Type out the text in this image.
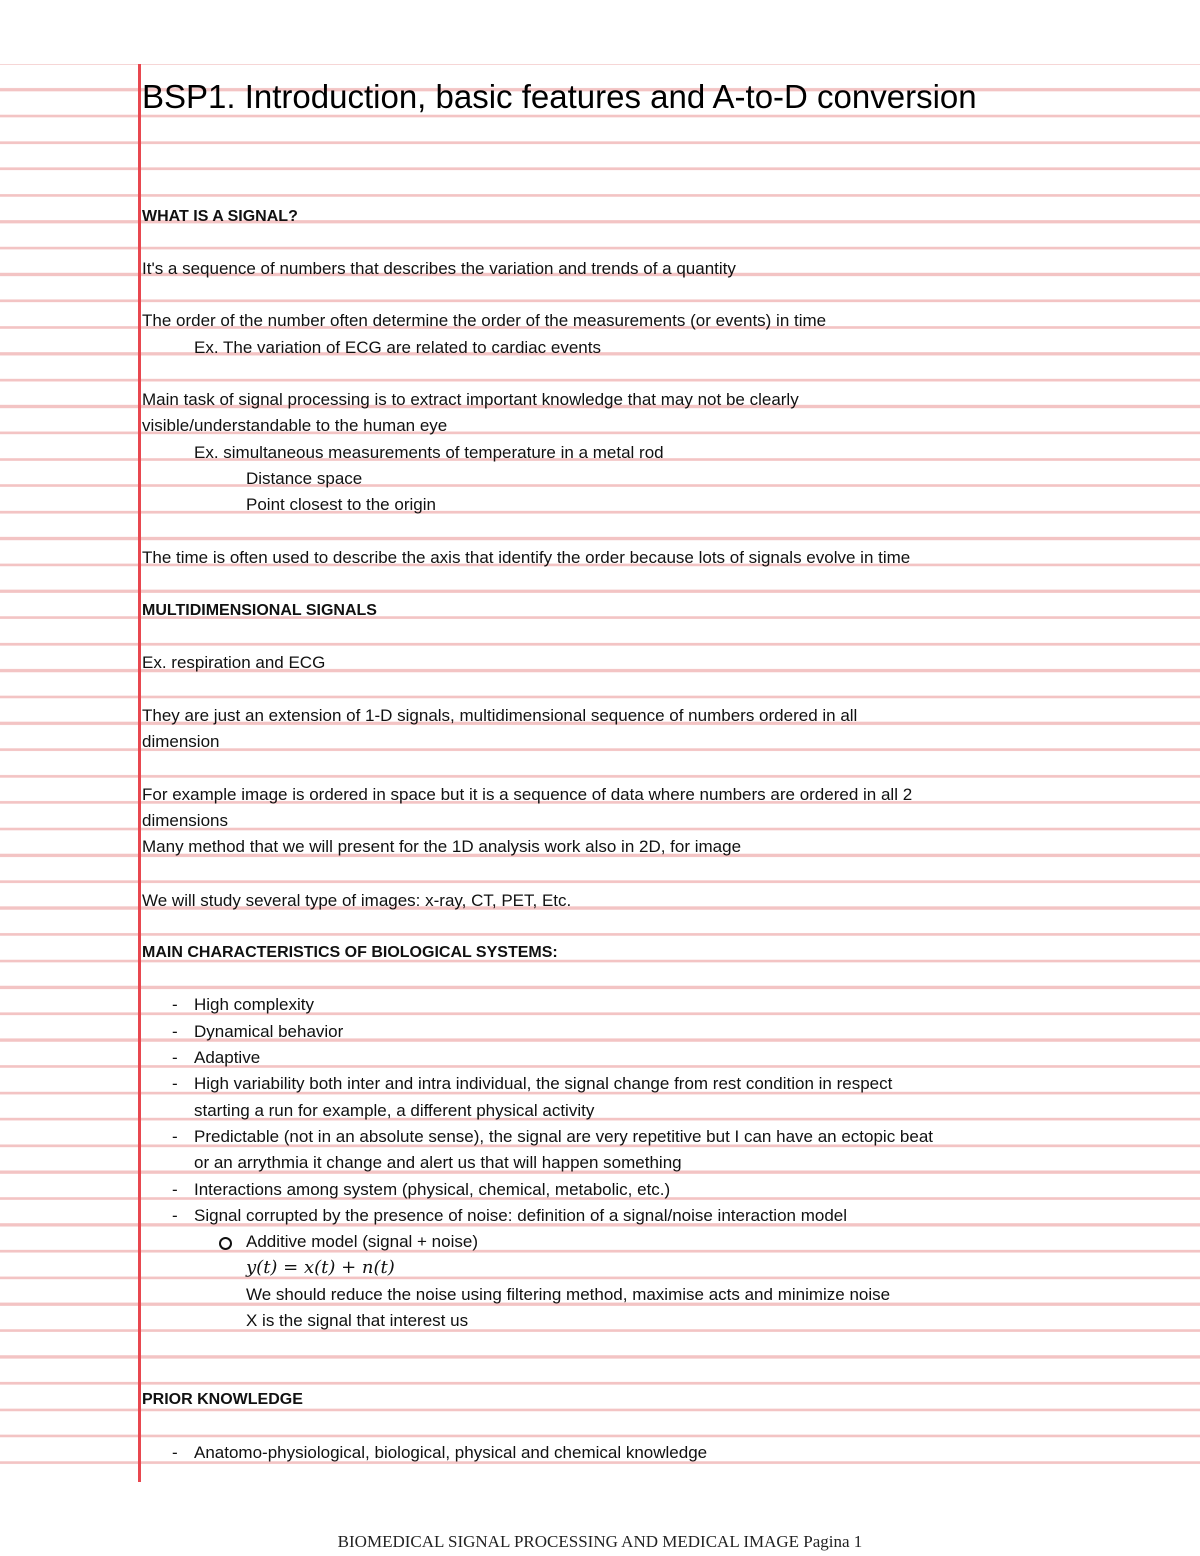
BSP1. Introduction, basic features and A-to-D conversion

WHAT IS A SIGNAL?

It's a sequence of numbers that describes the variation and trends of a quantity

The order of the number often determine the order of the measurements (or events) in time

Ex. The variation of ECG are related to cardiac events

Main task of signal processing is to extract important knowledge that may not be clearly

visible/understandable to the human eye

Ex. simultaneous measurements of temperature in a metal rod

Distance space

Point closest to the origin

The time is often used to describe the axis that identify the order because lots of signals evolve in time

MULTIDIMENSIONAL SIGNALS

Ex. respiration and ECG

They are just an extension of 1-D signals, multidimensional sequence of numbers ordered in all

dimension

For example image is ordered in space but it is a sequence of data where numbers are ordered in all 2

dimensions

Many method that we will present for the 1D analysis work also in 2D, for image

We will study several type of images: x-ray, CT, PET, Etc.

MAIN CHARACTERISTICS OF BIOLOGICAL SYSTEMS:

- High complexity

- Dynamical behavior

- Adaptive

- High variability both inter and intra individual, the signal change from rest condition in respect

starting a run for example, a different physical activity

- Predictable (not in an absolute sense), the signal are very repetitive but I can have an ectopic beat

or an arrythmia it change and alert us that will happen something

- Interactions among system (physical, chemical, metabolic, etc.)

- Signal corrupted by the presence of noise: definition of a signal/noise interaction model

Additive model (signal + noise)

y(t) = x(t) + n(t)

We should reduce the noise using filtering method, maximise acts and minimize noise

X is the signal that interest us

PRIOR KNOWLEDGE

- Anatomo-physiological, biological, physical and chemical knowledge

BIOMEDICAL SIGNAL PROCESSING AND MEDICAL IMAGE Pagina 1
